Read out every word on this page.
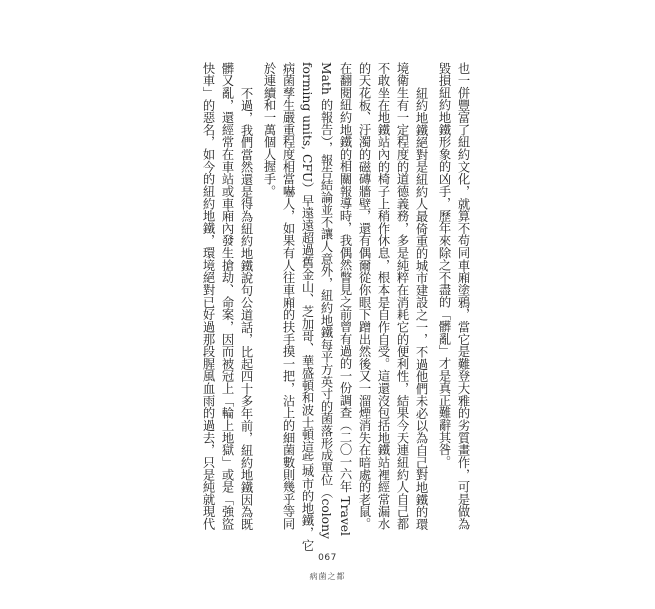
也一併豐富了紐約文化，就算不苟同車廂塗鴉，當它是難登大雅的劣質畫作，可是做為
毀損紐約地鐵形象的凶手，歷年來除之不盡的「髒亂」才是真正難辭其咎。
紐約地鐵絕對是紐約人最倚重的城市建設之一，不過他們未必以為自己對地鐵的環
境衛生有一定程度的道德義務，多是純粹在消耗它的便利性，結果今天連紐約人自己都
不敢坐在地鐵站內的椅子上稍作休息，根本是自作自受。這還沒包括地鐵站裡經常漏水
的天花板、汙濁的磁磚牆壁，還有偶爾從你眼下蹭出然後又一溜煙消失在暗處的老鼠。
在翻閱紐約地鐵的相關報導時，我偶然瞥見之前曾有過的一份調查（二〇一六年 Travel
Math 的報告），報告結論並不讓人意外，紐約地鐵每平方英寸的菌落形成單位（colony
forming units, CFU）早遠遠超過舊金山、芝加哥、華盛頓和波士頓這些城市的地鐵，它
病菌孳生嚴重程度相當嚇人，如果有人往車廂的扶手摸一把，沾上的細菌數則幾乎等同
於連續和一萬個人握手。
不過，我們當然還是得為紐約地鐵說句公道話，比起四十多年前，紐約地鐵因為既
髒又亂，還經常在車站或車廂內發生搶劫、命案，因而被冠上「輪上地獄」或是「強盜
快車」的惡名，如今的紐約地鐵，環境絕對已好過那段腥風血雨的過去，只是純就現代
067
病菌之都
